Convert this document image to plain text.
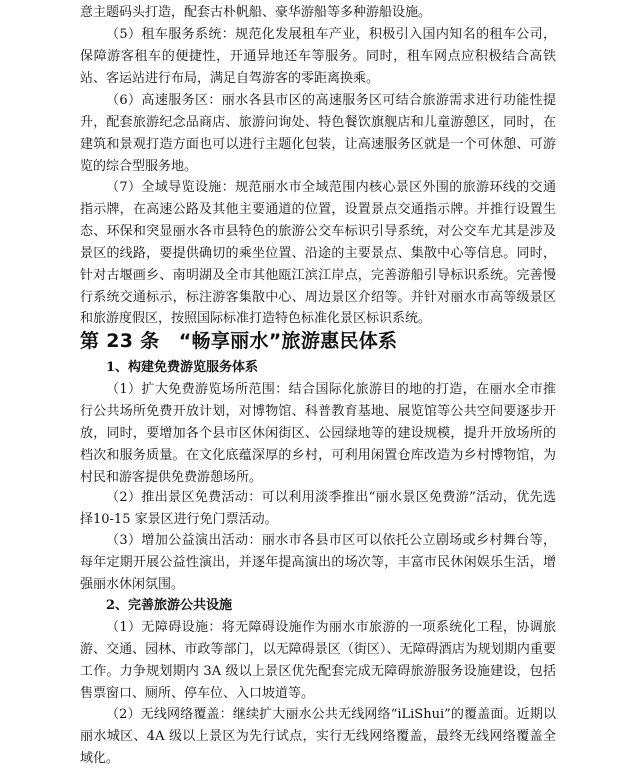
意主题码头打造，配套古朴帆船、豪华游船等多种游船设施。

（5）租车服务系统：规范化发展租车产业，积极引入国内知名的租车公司，保障游客租车的便捷性，开通异地还车等服务。同时，租车网点应积极结合高铁站、客运站进行布局，满足自驾游客的零距离换乘。

（6）高速服务区：丽水各县市区的高速服务区可结合旅游需求进行功能性提升，配套旅游纪念品商店、旅游问询处、特色餐饮旗舰店和儿童游憩区，同时，在建筑和景观打造方面也可以进行主题化包装，让高速服务区就是一个可休憩、可游览的综合型服务地。

（7）全域导览设施：规范丽水市全域范围内核心景区外围的旅游环线的交通指示牌，在高速公路及其他主要通道的位置，设置景点交通指示牌。并推行设置生态、环保和突显丽水各市县特色的旅游公交车标识引导系统，对公交车尤其是涉及景区的线路，要提供确切的乘坐位置、沿途的主要景点、集散中心等信息。同时，针对古堰画乡、南明湖及全市其他瓯江滨江岸点，完善游船引导标识系统。完善慢行系统交通标示，标注游客集散中心、周边景区介绍等。并针对丽水市高等级景区和旅游度假区，按照国际标准打造特色标准化景区标识系统。

第 23 条　“畅享丽水”旅游惠民体系
1、构建免费游览服务体系

（1）扩大免费游览场所范围：结合国际化旅游目的地的打造，在丽水全市推行公共场所免费开放计划，对博物馆、科普教育基地、展览馆等公共空间要逐步开放，同时，要增加各个县市区休闲街区、公园绿地等的建设规模，提升开放场所的档次和服务质量。在文化底蕴深厚的乡村，可利用闲置仓库改造为乡村博物馆，为村民和游客提供免费游憩场所。

（2）推出景区免费活动：可以利用淡季推出“丽水景区免费游”活动，优先选择10-15 家景区进行免门票活动。

（3）增加公益演出活动：丽水市各县市区可以依托公立剧场或乡村舞台等，每年定期开展公益性演出，并逐年提高演出的场次等，丰富市民休闲娱乐生活，增强丽水休闲氛围。

2、完善旅游公共设施

（1）无障碍设施：将无障碍设施作为丽水市旅游的一项系统化工程，协调旅游、交通、园林、市政等部门，以无障碍景区（街区）、无障碍酒店为规划期内重要工作。力争规划期内 3A 级以上景区优先配套完成无障碍旅游服务设施建设，包括售票窗口、厕所、停车位、入口坡道等。

（2）无线网络覆盖：继续扩大丽水公共无线网络“iLiShui”的覆盖面。近期以丽水城区、4A 级以上景区为先行试点，实行无线网络覆盖，最终无线网络覆盖全域化。
